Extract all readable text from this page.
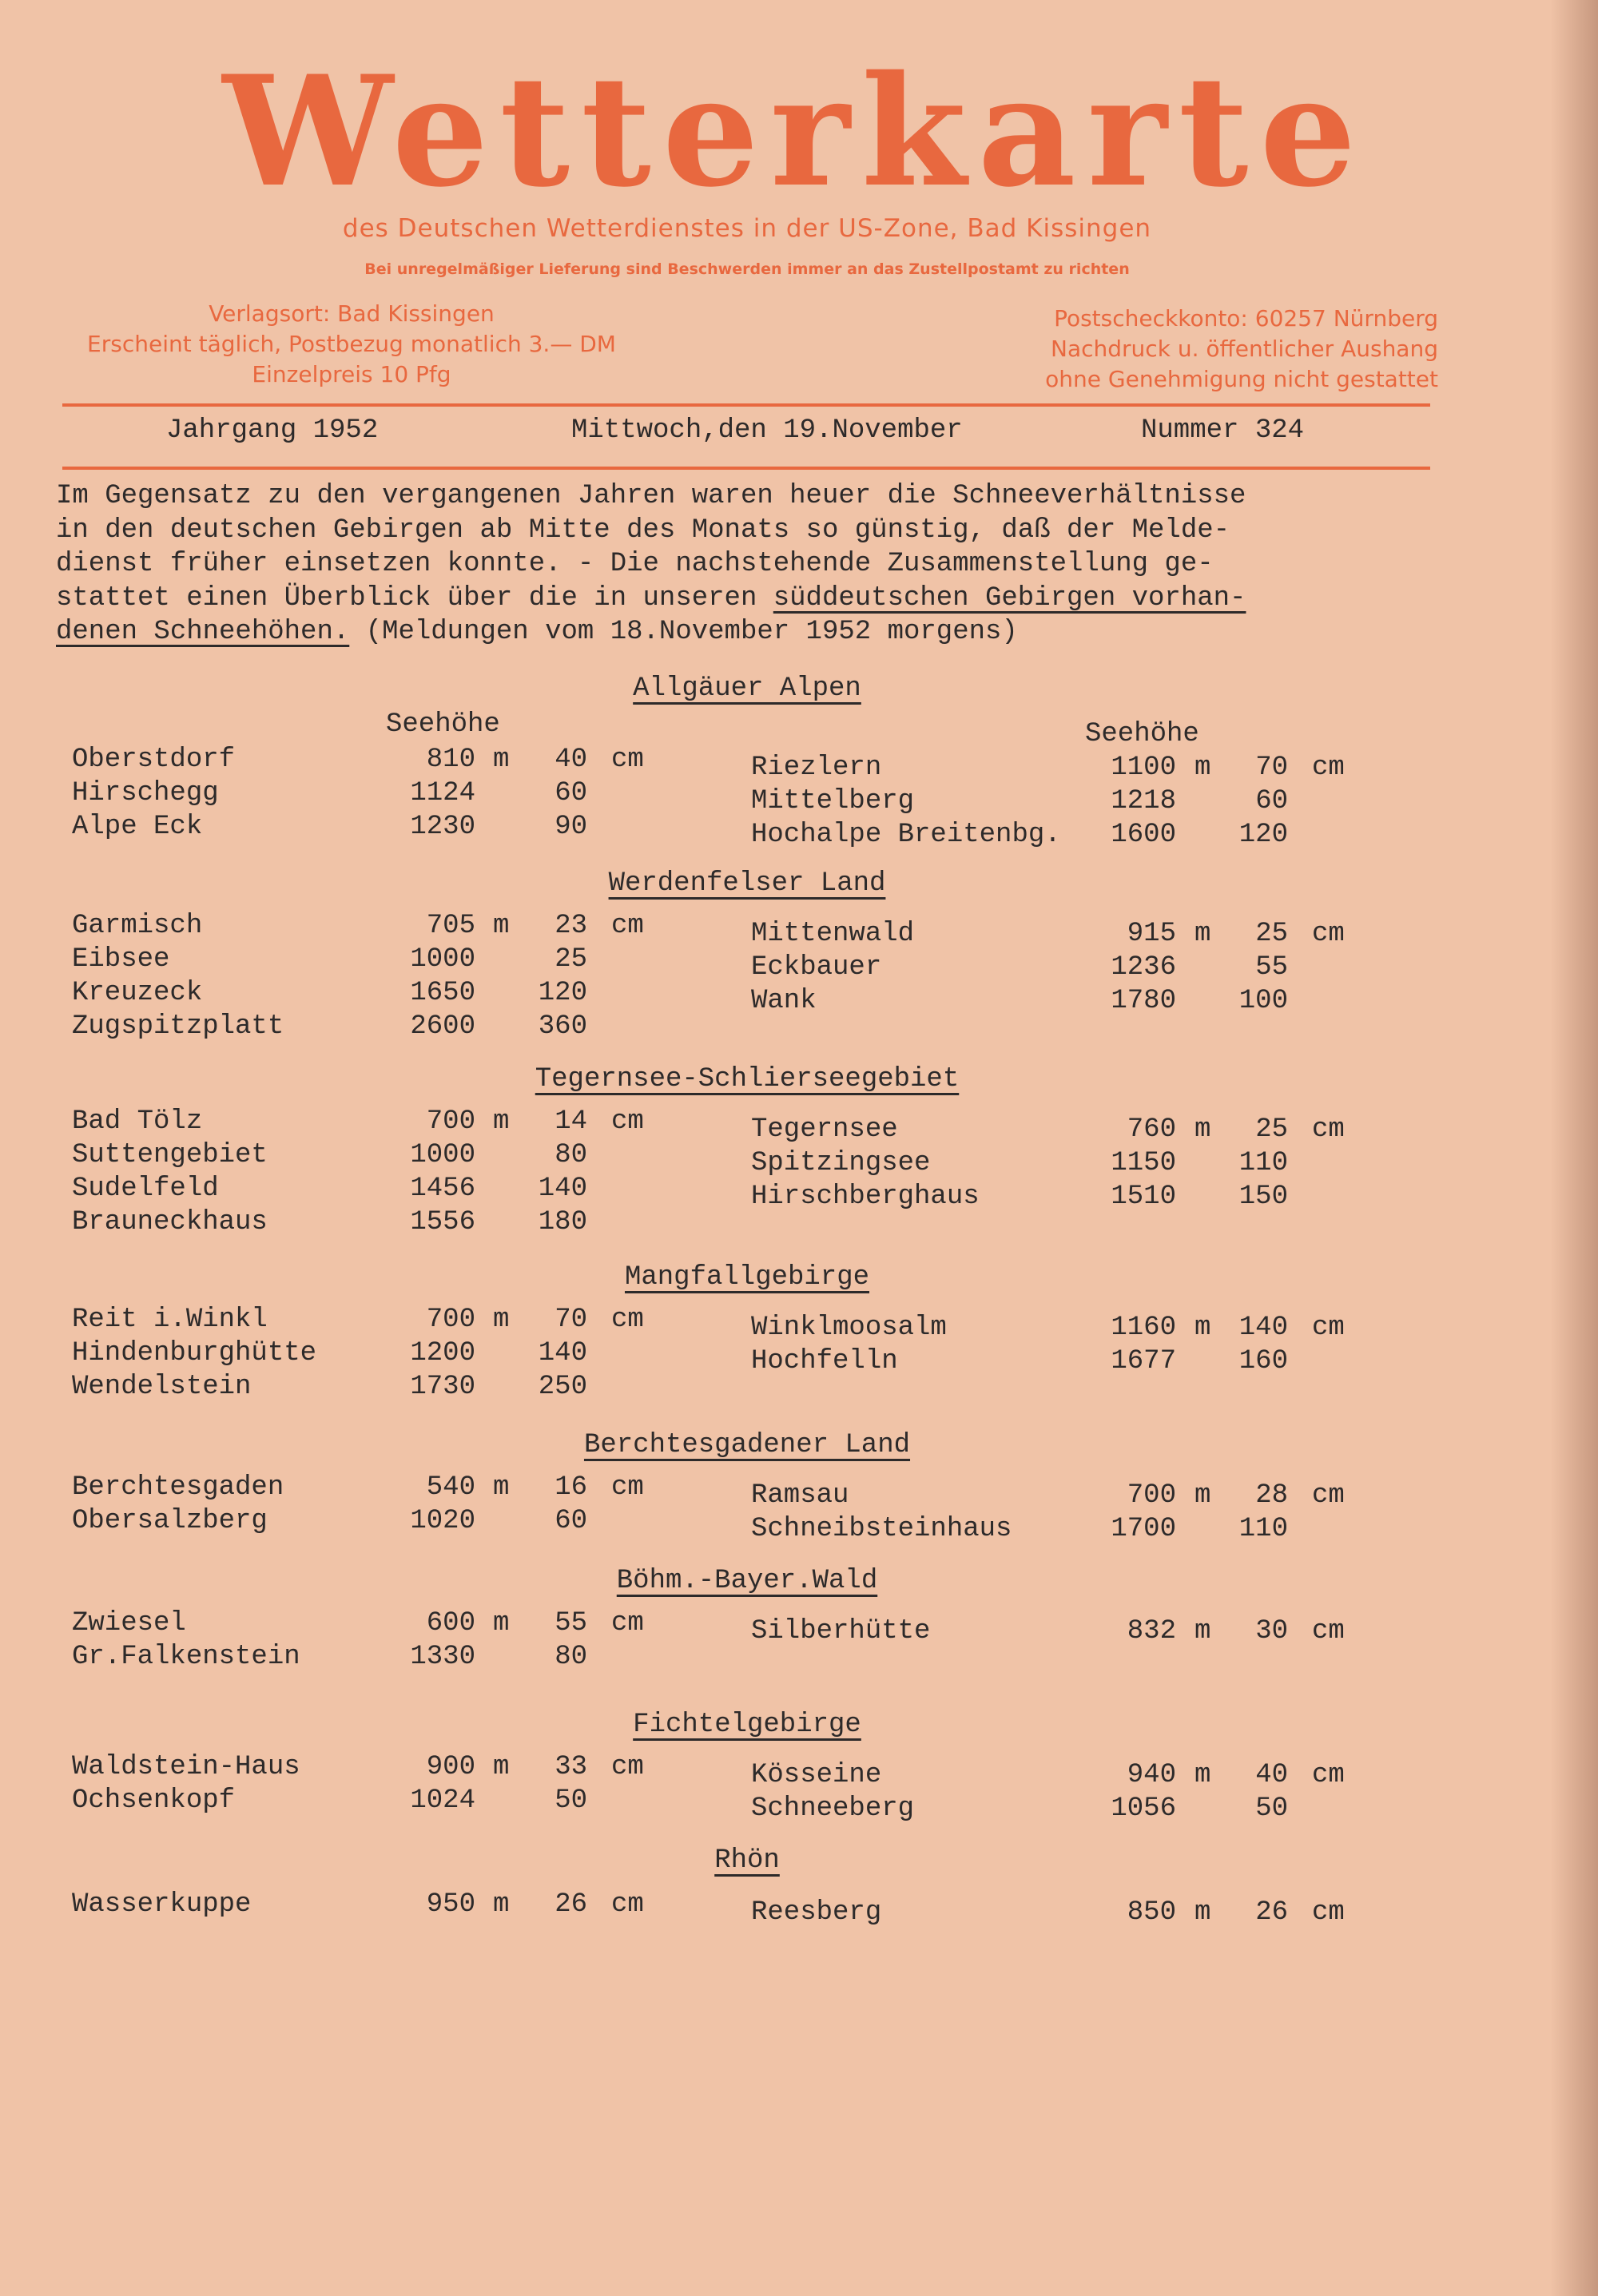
Wetterkarte
des Deutschen Wetterdienstes in der US-Zone, Bad Kissingen
Bei unregelmäßiger Lieferung sind Beschwerden immer an das Zustellpostamt zu richten
Verlagsort: Bad Kissingen
Erscheint täglich, Postbezug monatlich 3.— DM
Einzelpreis 10 Pfg
Postscheckkonto: 60257 Nürnberg
Nachdruck u. öffentlicher Aushang
ohne Genehmigung nicht gestattet
Jahrgang 1952	Mittwoch,den 19.November	Nummer 324
Im Gegensatz zu den vergangenen Jahren waren heuer die Schneeverhältnisse
in den deutschen Gebirgen ab Mitte des Monats so günstig, daß der Melde-
dienst früher einsetzen konnte. - Die nachstehende Zusammenstellung ge-
stattet einen Überblick über die in unseren süddeutschen Gebirgen vorhan-
denen Schneehöhen. (Meldungen vom 18.November 1952 morgens)
Seehöhe	Seehöhe
Allgäuer Alpen
Oberstdorf	810 m	40 cm
Hirschegg	1124	60
Alpe Eck	1230	90
Riezlern	1100 m	70 cm
Mittelberg	1218	60
Hochalpe Breitenbg.	1600	120
Werdenfelser Land
Garmisch	705 m	23 cm
Eibsee	1000	25
Kreuzeck	1650	120
Zugspitzplatt	2600	360
Mittenwald	915 m	25 cm
Eckbauer	1236	55
Wank	1780	100
Tegernsee-Schlierseegebiet
Bad Tölz	700 m	14 cm
Suttengebiet	1000	80
Sudelfeld	1456	140
Brauneckhaus	1556	180
Tegernsee	760 m	25 cm
Spitzingsee	1150	110
Hirschberghaus	1510	150
Mangfallgebirge
Reit i.Winkl	700 m	70 cm
Hindenburghütte	1200	140
Wendelstein	1730	250
Winklmoosalm	1160 m	140 cm
Hochfelln	1677	160
Berchtesgadener Land
Berchtesgaden	540 m	16 cm
Obersalzberg	1020	60
Ramsau	700 m	28 cm
Schneibsteinhaus	1700	110
Böhm.-Bayer.Wald
Zwiesel	600 m	55 cm
Gr.Falkenstein	1330	80
Silberhütte	832 m	30 cm
Fichtelgebirge
Waldstein-Haus	900 m	33 cm
Ochsenkopf	1024	50
Kösseine	940 m	40 cm
Schneeberg	1056	50
Rhön
Wasserkuppe	950 m	26 cm	Reesberg	850 m	26 cm
